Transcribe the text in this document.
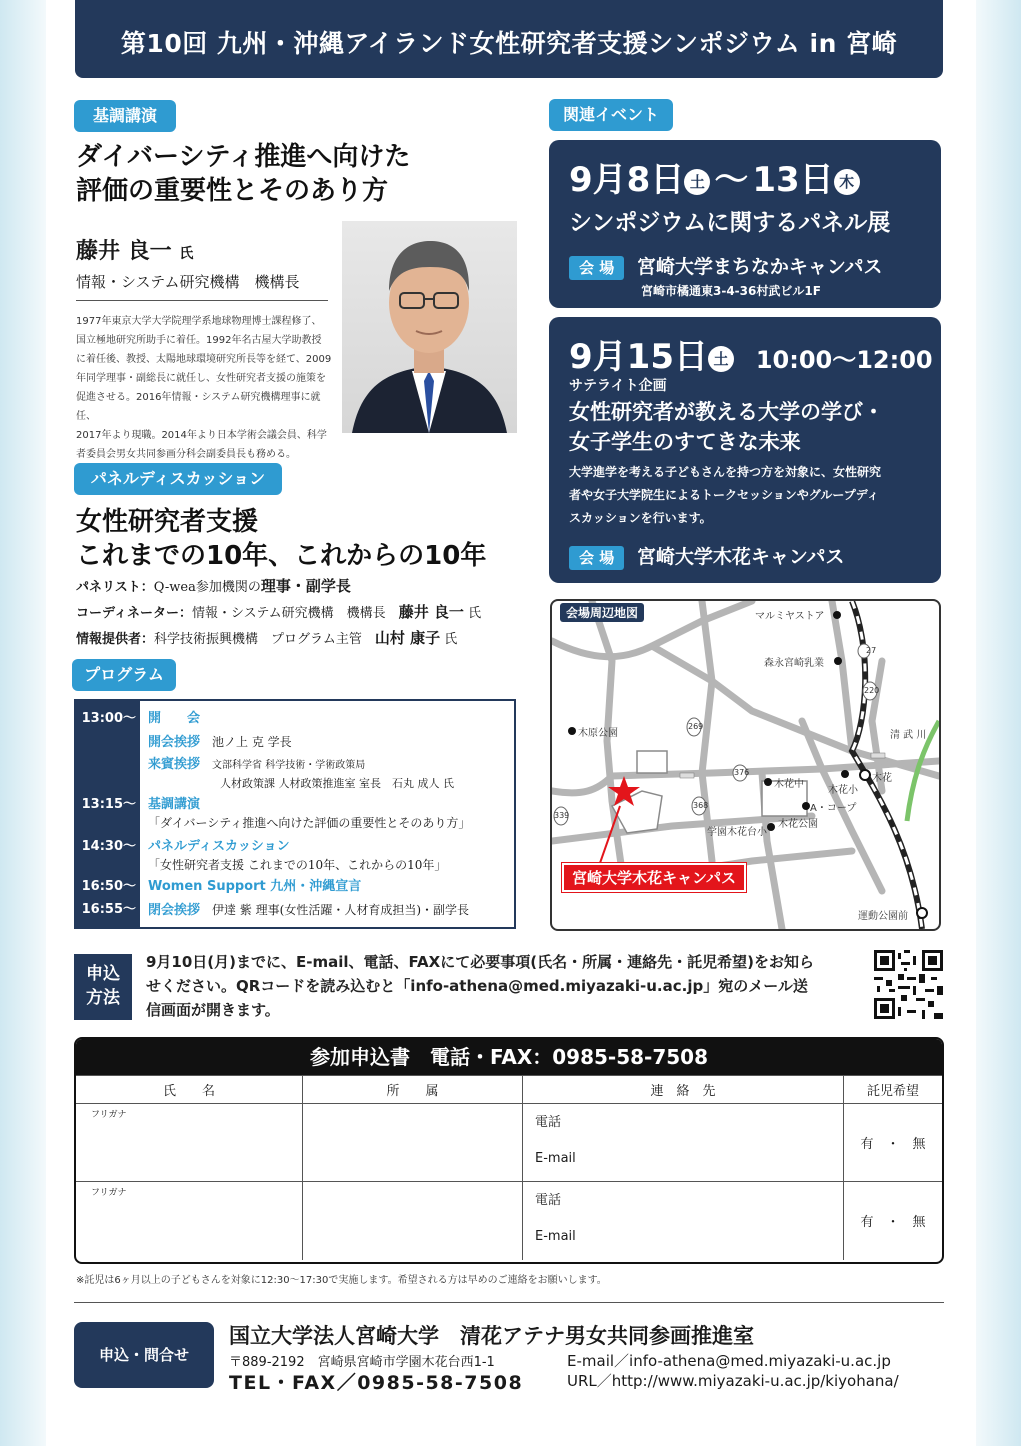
第10回 九州・沖縄アイランド女性研究者支援シンポジウム in 宮崎
基調講演
ダイバーシティ推進へ向けた
評価の重要性とそのあり方
藤井 良一 氏
情報・システム研究機構　機構長
1977年東京大学大学院理学系地球物理博士課程修了、
国立極地研究所助手に着任。1992年名古屋大学助教授
に着任後、教授、太陽地球環境研究所長等を経て、2009
年同学理事・副総長に就任し、女性研究者支援の施策を
促進させる。2016年情報・システム研究機構理事に就任、
2017年より現職。2014年より日本学術会議会員、科学
者委員会男女共同参画分科会副委員長も務める。
パネルディスカッション
女性研究者支援
これまでの10年、これからの10年
パネリスト：Q-wea参加機関の理事・副学長
コーディネーター：情報・システム研究機構　機構長　 藤井 良一 氏
情報提供者：科学技術振興機構　プログラム主管　 山村 康子 氏
プログラム
13:00～ 開　　会
開会挨拶 池ノ上 克 学長
来賓挨拶 文部科学省 科学技術・学術政策局
人材政策課 人材政策推進室 室長　石丸 成人 氏
13:15～ 基調講演
「ダイバーシティ推進へ向けた評価の重要性とそのあり方」
14:30～ パネルディスカッション
「女性研究者支援 これまでの10年、これからの10年」
16:50～ Women Support 九州・沖縄宣言
16:55～ 閉会挨拶 伊達 紫 理事(女性活躍・人材育成担当)・副学長
関連イベント
9月8日 土 ～ 13日 木
シンポジウムに関するパネル展
会 場 宮崎大学まちなかキャンパス
宮崎市橘通東3-4-36村武ビル1F
9月15日 土 10:00～12:00
サテライト企画
女性研究者が教える大学の学び・
女子学生のすてきな未来
大学進学を考える子どもさんを持つ方を対象に、女性研究
者や女子大学院生によるトークセッションやグループディ
スカッションを行います。
会 場 宮崎大学木花キャンパス
会場周辺地図	マルミヤストア
森永宮崎乳業
木原公園	清 武 川
木花中
木花小
木花
A・コープ
学園木花台小
木花公園
運動公園前
269
376
368
339
27
220
宮崎大学木花キャンパス
申込
方法
9月10日(月)までに、E-mail、電話、FAXにて必要事項(氏名・所属・連絡先・託児希望)をお知ら
せください。QRコードを読み込むと「info-athena@med.miyazaki-u.ac.jp」宛のメール送
信画面が開きます。
参加申込書　電話・FAX：0985-58-7508
氏　　名	所　　属	連　絡　先	託児希望

フリガナ		電話
E-mail	有　・　無

フリガナ		電話
E-mail	有　・　無
※託児は6ヶ月以上の子どもさんを対象に12:30～17:30で実施します。希望される方は早めのご連絡をお願いします。
申込・問合せ
国立大学法人宮崎大学　清花アテナ男女共同参画推進室
〒889-2192　宮崎県宮崎市学園木花台西1-1
TEL・FAX／0985-58-7508
E-mail／info-athena@med.miyazaki-u.ac.jp
URL／http://www.miyazaki-u.ac.jp/kiyohana/
